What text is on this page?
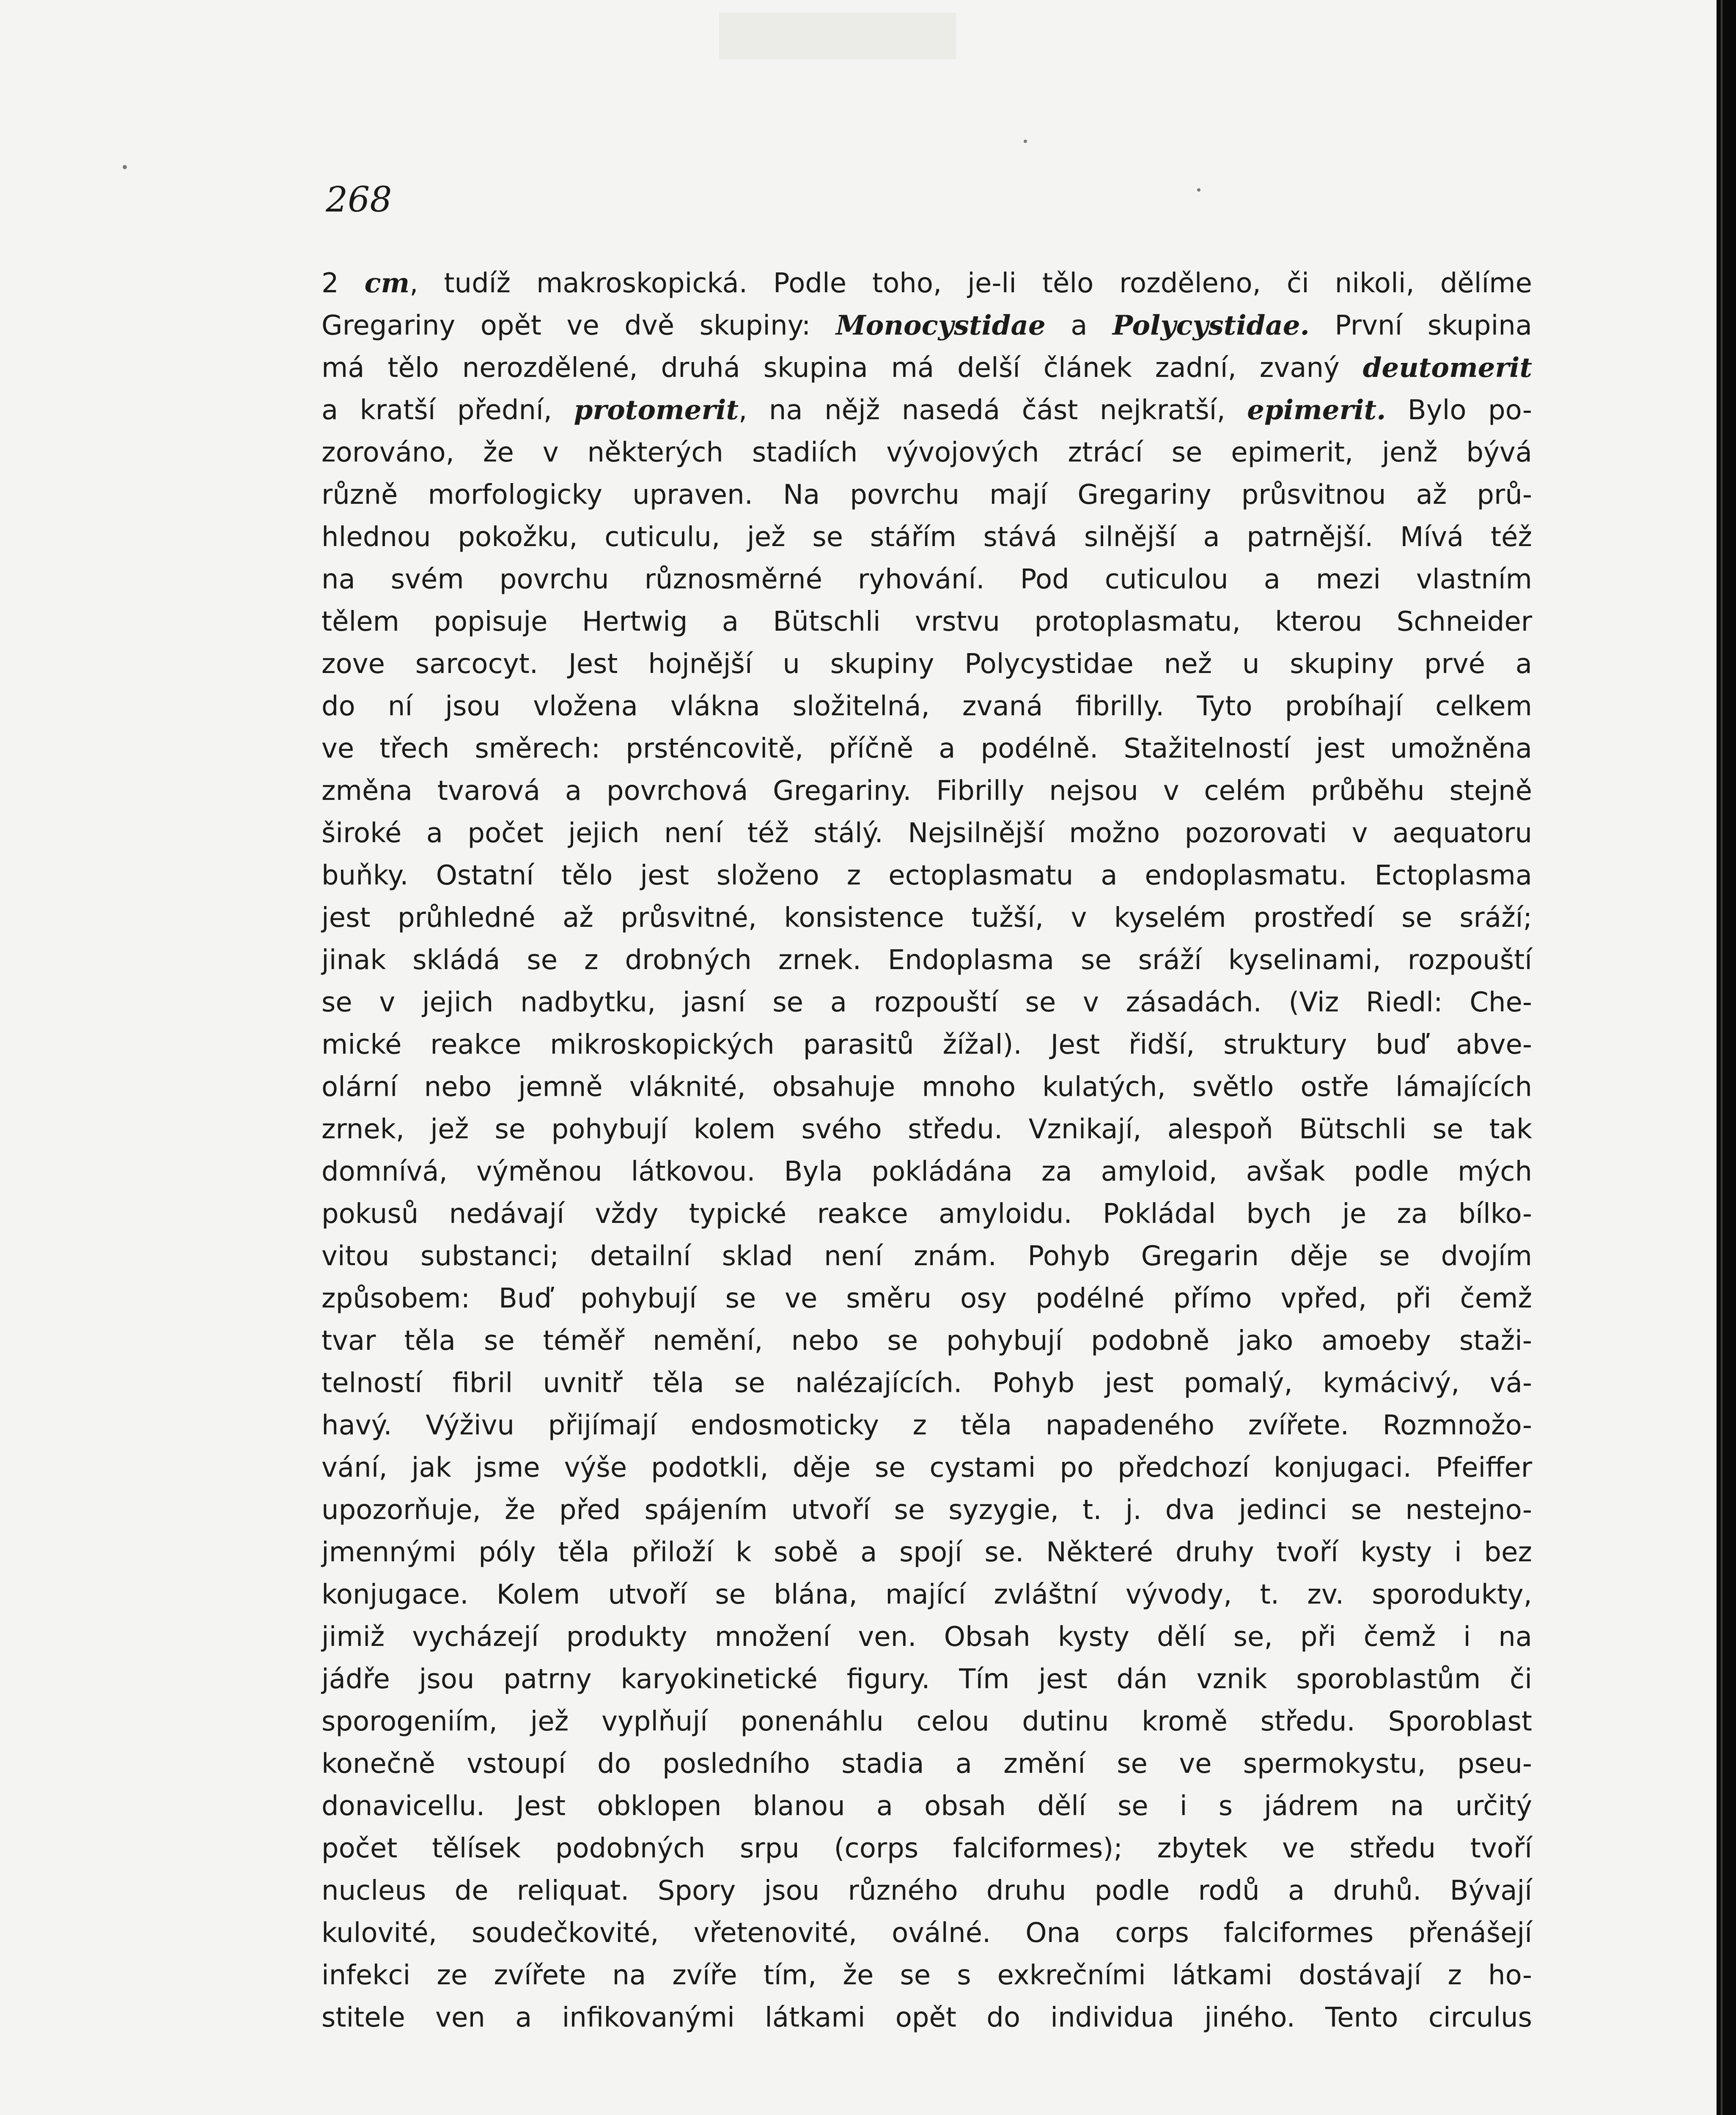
268
2 cm, tudíž makroskopická. Podle toho, je-li tělo rozděleno, či nikoli, dělíme
Gregariny opět ve dvě skupiny: Monocystidae a Polycystidae. První skupina
má tělo nerozdělené, druhá skupina má delší článek zadní, zvaný deutomerit
a kratší přední, protomerit, na nějž nasedá část nejkratší, epimerit. Bylo po-
zorováno, že v některých stadiích vývojových ztrácí se epimerit, jenž bývá
různě morfologicky upraven. Na povrchu mají Gregariny průsvitnou až prů-
hlednou pokožku, cuticulu, jež se stářím stává silnější a patrnější. Mívá též
na svém povrchu různosměrné ryhování. Pod cuticulou a mezi vlastním
tělem popisuje Hertwig a Bütschli vrstvu protoplasmatu, kterou Schneider
zove sarcocyt. Jest hojnější u skupiny Polycystidae než u skupiny prvé a
do ní jsou vložena vlákna složitelná, zvaná fibrilly. Tyto probíhají celkem
ve třech směrech: prsténcovitě, příčně a podélně. Stažitelností jest umožněna
změna tvarová a povrchová Gregariny. Fibrilly nejsou v celém průběhu stejně
široké a počet jejich není též stálý. Nejsilnější možno pozorovati v aequatoru
buňky. Ostatní tělo jest složeno z ectoplasmatu a endoplasmatu. Ectoplasma
jest průhledné až průsvitné, konsistence tužší, v kyselém prostředí se sráží;
jinak skládá se z drobných zrnek. Endoplasma se sráží kyselinami, rozpouští
se v jejich nadbytku, jasní se a rozpouští se v zásadách. (Viz Riedl: Che-
mické reakce mikroskopických parasitů žížal). Jest řidší, struktury buď abve-
olární nebo jemně vláknité, obsahuje mnoho kulatých, světlo ostře lámajících
zrnek, jež se pohybují kolem svého středu. Vznikají, alespoň Bütschli se tak
domnívá, výměnou látkovou. Byla pokládána za amyloid, avšak podle mých
pokusů nedávají vždy typické reakce amyloidu. Pokládal bych je za bílko-
vitou substanci; detailní sklad není znám. Pohyb Gregarin děje se dvojím
způsobem: Buď pohybují se ve směru osy podélné přímo vpřed, při čemž
tvar těla se téměř nemění, nebo se pohybují podobně jako amoeby staži-
telností fibril uvnitř těla se nalézajících. Pohyb jest pomalý, kymácivý, vá-
havý. Výživu přijímají endosmoticky z těla napadeného zvířete. Rozmnožo-
vání, jak jsme výše podotkli, děje se cystami po předchozí konjugaci. Pfeiffer
upozorňuje, že před spájením utvoří se syzygie, t. j. dva jedinci se nestejno-
jmennými póly těla přiloží k sobě a spojí se. Některé druhy tvoří kysty i bez
konjugace. Kolem utvoří se blána, mající zvláštní vývody, t. zv. sporodukty,
jimiž vycházejí produkty množení ven. Obsah kysty dělí se, při čemž i na
jádře jsou patrny karyokinetické figury. Tím jest dán vznik sporoblastům či
sporogeniím, jež vyplňují ponenáhlu celou dutinu kromě středu. Sporoblast
konečně vstoupí do posledního stadia a změní se ve spermokystu, pseu-
donavicellu. Jest obklopen blanou a obsah dělí se i s jádrem na určitý
počet tělísek podobných srpu (corps falciformes); zbytek ve středu tvoří
nucleus de reliquat. Spory jsou různého druhu podle rodů a druhů. Bývají
kulovité, soudečkovité, vřetenovité, oválné. Ona corps falciformes přenášejí
infekci ze zvířete na zvíře tím, že se s exkrečními látkami dostávají z ho-
stitele ven a infikovanými látkami opět do individua jiného. Tento circulus
